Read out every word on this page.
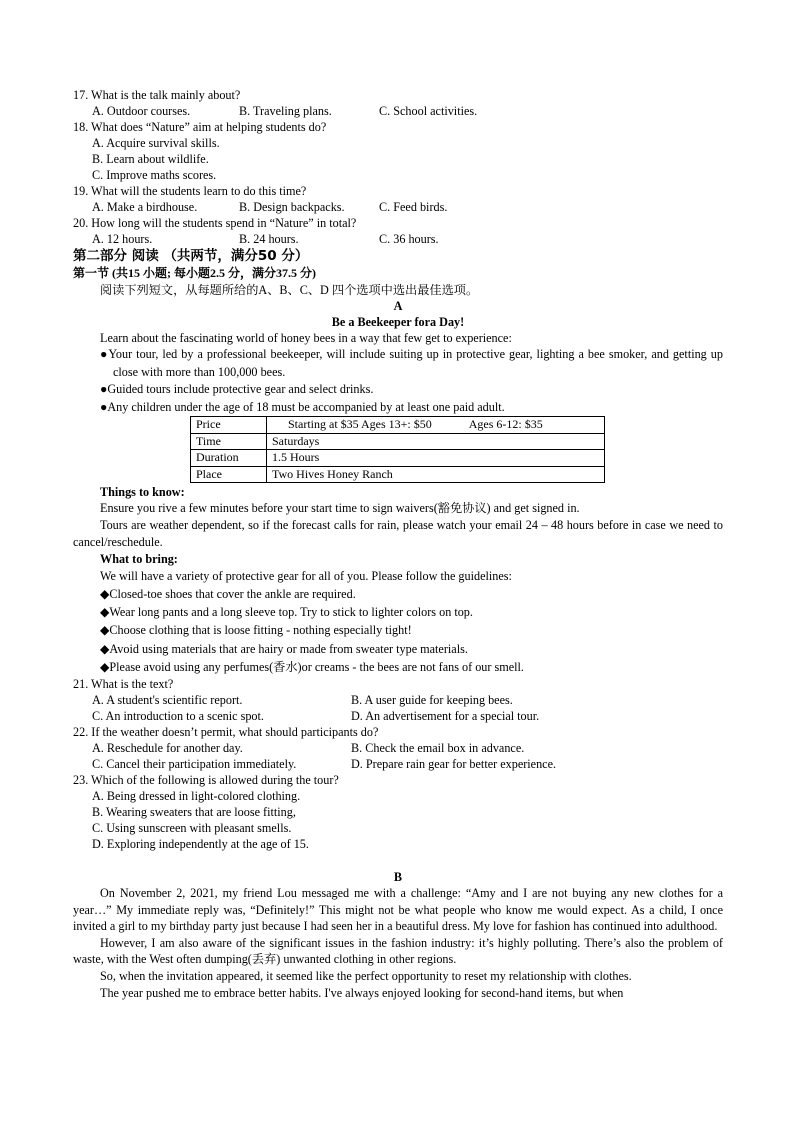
17. What is the talk mainly about?
A. Outdoor courses.	B. Traveling plans.	C. School activities.
18. What does “Nature” aim at helping students do?
A. Acquire survival skills.
B. Learn about wildlife.
C. Improve maths scores.
19. What will the students learn to do this time?
A. Make a birdhouse.	B. Design backpacks.	C. Feed birds.
20. How long will the students spend in “Nature” in total?
A. 12 hours.	B. 24 hours.	C. 36 hours.
第二部分 阅读 （共两节，满分50 分）
第一节 (共15 小题; 每小题2.5 分，满分37.5 分)
阅读下列短文，从每题所给的A、B、C、D 四个选项中选出最佳选项。
A
Be a Beekeeper fora Day!
Learn about the fascinating world of honey bees in a way that few get to experience:
●Your tour, led by a professional beekeeper, will include suiting up in protective gear, lighting a bee smoker, and getting up close with more than 100,000 bees.
●Guided tours include protective gear and select drinks.
●Any children under the age of 18 must be accompanied by at least one paid adult.
Price	Starting at $35 Ages 13+: $50 Ages 6-12: $35
Time	Saturdays
Duration	1.5 Hours
Place	Two Hives Honey Ranch
Things to know:
Ensure you rive a few minutes before your start time to sign waivers(豁免协议) and get signed in.
Tours are weather dependent, so if the forecast calls for rain, please watch your email 24 – 48 hours before in case we need to cancel/reschedule.
What to bring:
We will have a variety of protective gear for all of you. Please follow the guidelines:
◆Closed-toe shoes that cover the ankle are required.
◆Wear long pants and a long sleeve top. Try to stick to lighter colors on top.
◆Choose clothing that is loose fitting - nothing especially tight!
◆Avoid using materials that are hairy or made from sweater type materials.
◆Please avoid using any perfumes(香水)or creams - the bees are not fans of our smell.
21. What is the text?
A. A student's scientific report.	B. A user guide for keeping bees.
C. An introduction to a scenic spot.	D. An advertisement for a special tour.
22. If the weather doesn’t permit, what should participants do?
A. Reschedule for another day.	B. Check the email box in advance.
C. Cancel their participation immediately.	D. Prepare rain gear for better experience.
23. Which of the following is allowed during the tour?
A. Being dressed in light-colored clothing.
B. Wearing sweaters that are loose fitting,
C. Using sunscreen with pleasant smells.
D. Exploring independently at the age of 15.
B
On November 2, 2021, my friend Lou messaged me with a challenge: “Amy and I are not buying any new clothes for a year…” My immediate reply was, “Definitely!” This might not be what people who know me would expect. As a child, I once invited a girl to my birthday party just because I had seen her in a beautiful dress. My love for fashion has continued into adulthood.
However, I am also aware of the significant issues in the fashion industry: it’s highly polluting. There’s also the problem of waste, with the West often dumping(丢弃) unwanted clothing in other regions.
So, when the invitation appeared, it seemed like the perfect opportunity to reset my relationship with clothes.
The year pushed me to embrace better habits. I've always enjoyed looking for second-hand items, but when
